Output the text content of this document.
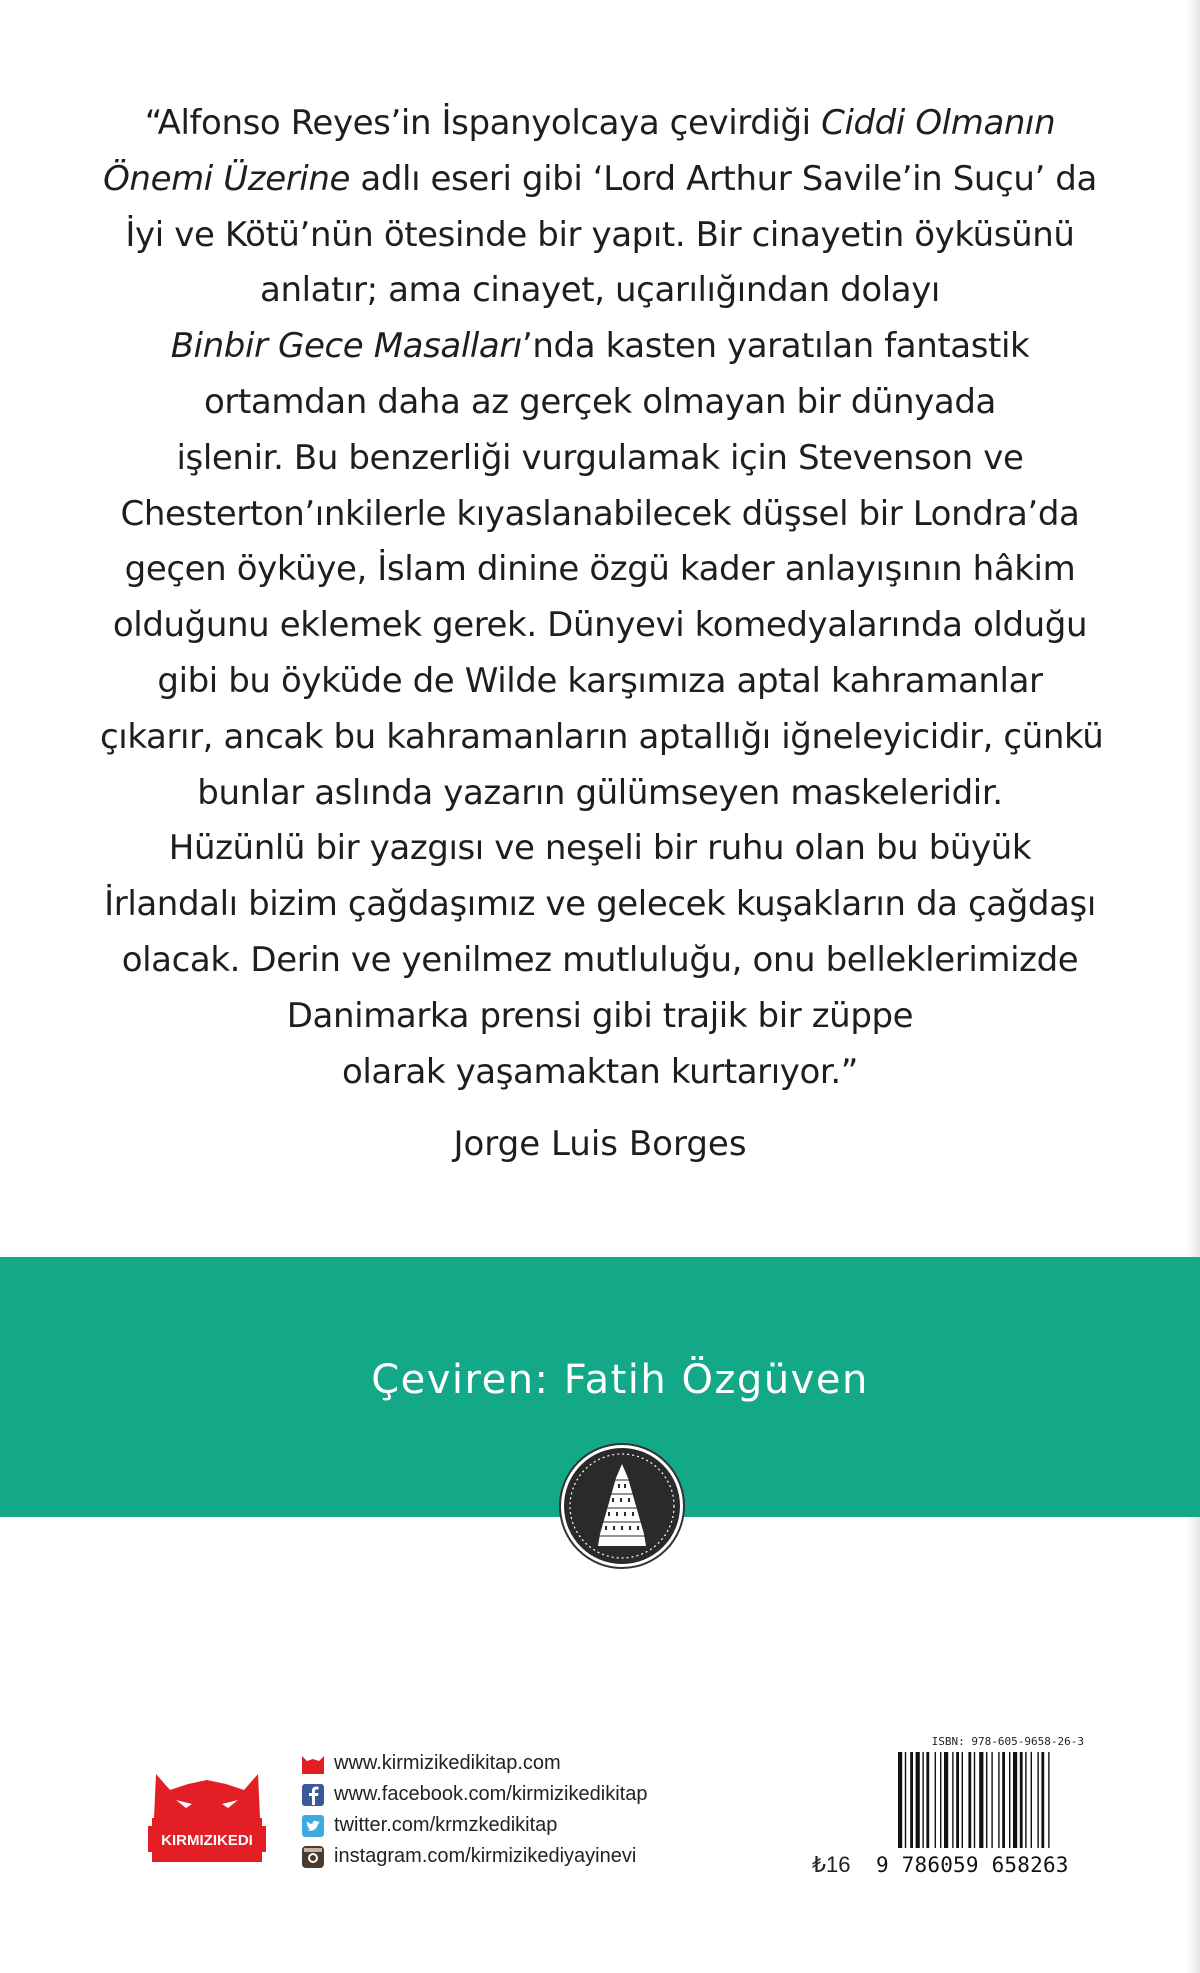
“Alfonso Reyes’in İspanyolcaya çevirdiği Ciddi Olmanın
Önemi Üzerine adlı eseri gibi ‘Lord Arthur Savile’in Suçu’ da
İyi ve Kötü’nün ötesinde bir yapıt. Bir cinayetin öyküsünü
anlatır; ama cinayet, uçarılığından dolayı
Binbir Gece Masalları’nda kasten yaratılan fantastik
ortamdan daha az gerçek olmayan bir dünyada
işlenir. Bu benzerliği vurgulamak için Stevenson ve
Chesterton’ınkilerle kıyaslanabilecek düşsel bir Londra’da
geçen öyküye, İslam dinine özgü kader anlayışının hâkim
olduğunu eklemek gerek. Dünyevi komedyalarında olduğu
gibi bu öyküde de Wilde karşımıza aptal kahramanlar
çıkarır, ancak bu kahramanların aptallığı iğneleyicidir, çünkü
bunlar aslında yazarın gülümseyen maskeleridir.
Hüzünlü bir yazgısı ve neşeli bir ruhu olan bu büyük
İrlandalı bizim çağdaşımız ve gelecek kuşakların da çağdaşı
olacak. Derin ve yenilmez mutluluğu, onu belleklerimizde
Danimarka prensi gibi trajik bir züppe
olarak yaşamaktan kurtarıyor.”
Jorge Luis Borges
Çeviren: Fatih Özgüven
KIRMIZIKEDI
www.kirmizikedikitap.com
www.facebook.com/kirmizikedikitap
twitter.com/krmzkedikitap
instagram.com/kirmizikediyayinevi	₺16
ISBN: 978-605-9658-26-3
9 786059 658263
